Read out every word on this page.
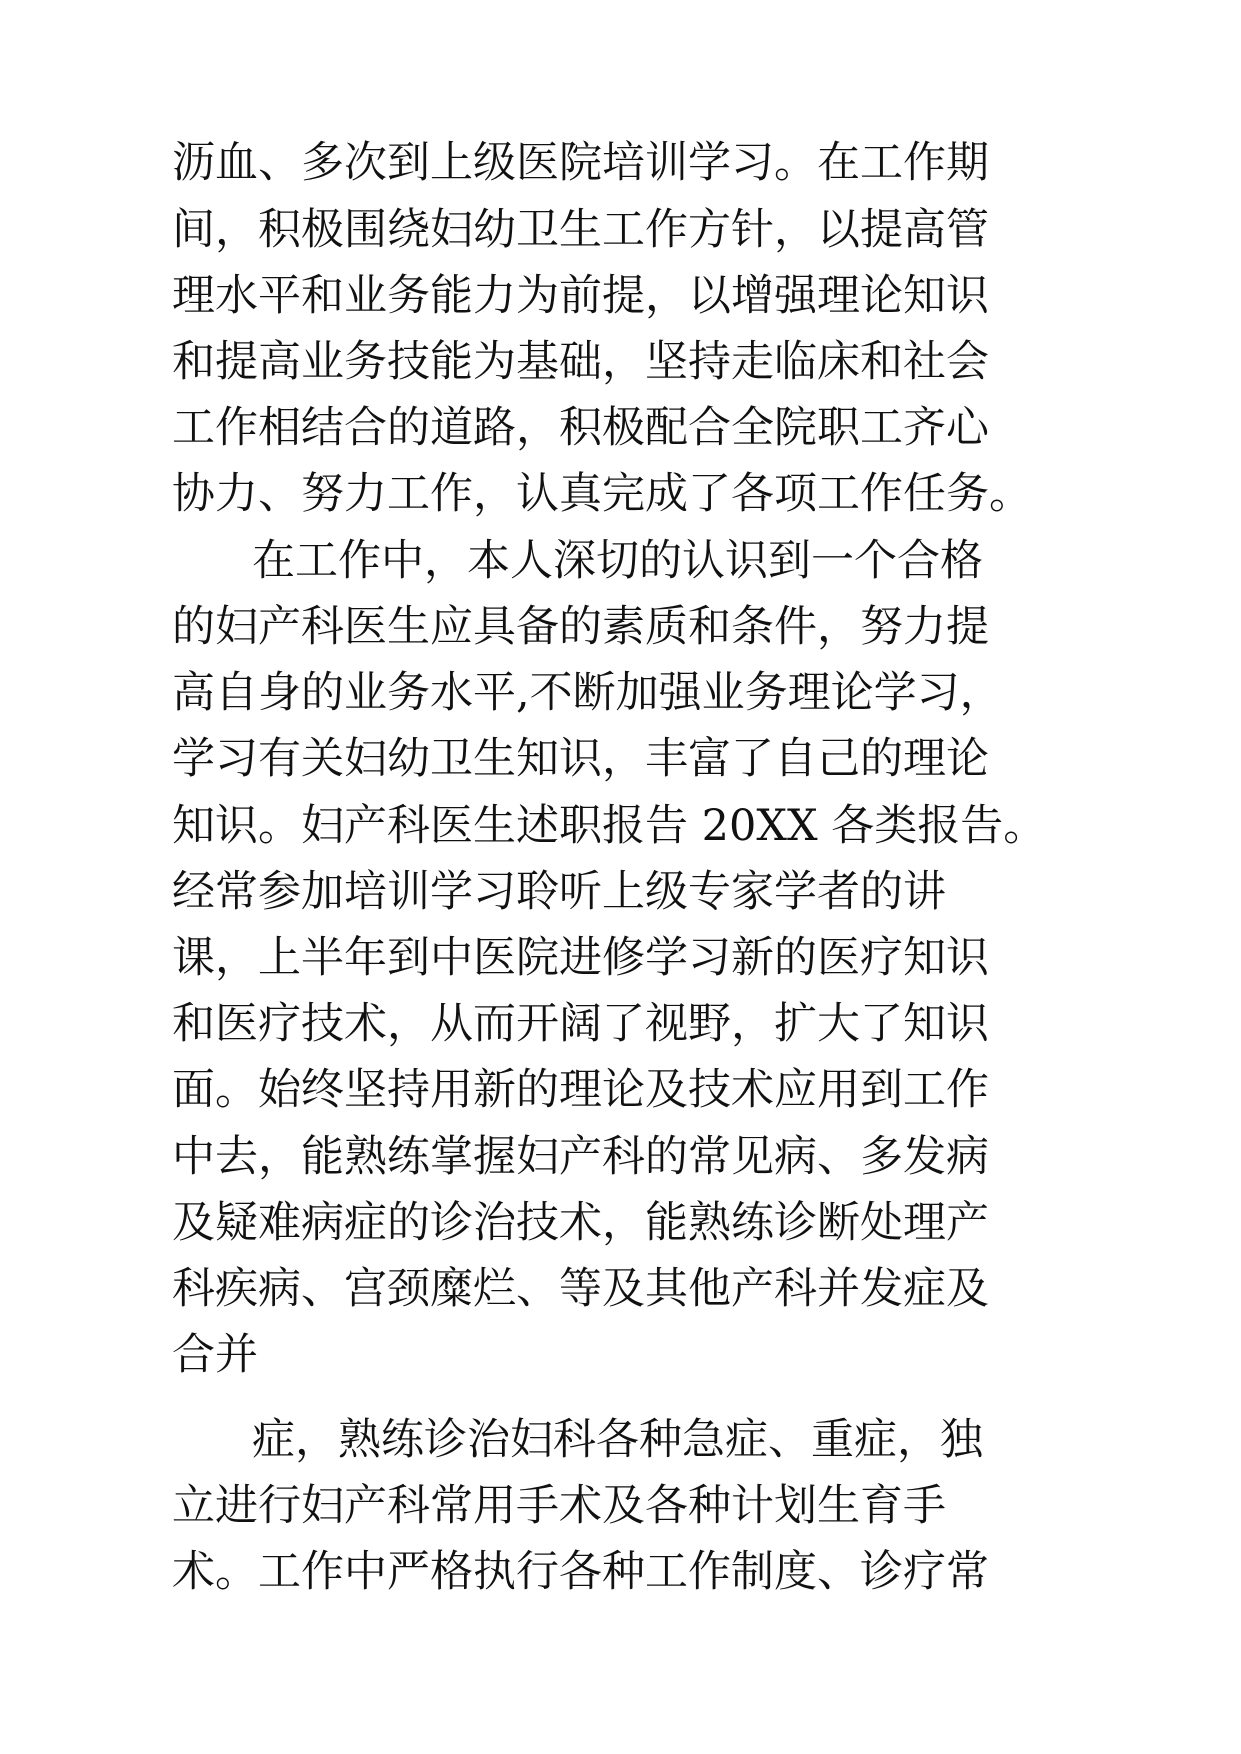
沥血、多次到上级医院培训学习。在工作期
间，积极围绕妇幼卫生工作方针，以提高管
理水平和业务能力为前提，以增强理论知识
和提高业务技能为基础，坚持走临床和社会
工作相结合的道路，积极配合全院职工齐心
协力、努力工作，认真完成了各项工作任务。
在工作中，本人深切的认识到一个合格
的妇产科医生应具备的素质和条件，努力提
高自身的业务水平,不断加强业务理论学习，
学习有关妇幼卫生知识，丰富了自己的理论
知识。妇产科医生述职报告 20XX 各类报告。
经常参加培训学习聆听上级专家学者的讲
课，上半年到中医院进修学习新的医疗知识
和医疗技术，从而开阔了视野，扩大了知识
面。始终坚持用新的理论及技术应用到工作
中去，能熟练掌握妇产科的常见病、多发病
及疑难病症的诊治技术，能熟练诊断处理产
科疾病、宫颈糜烂、等及其他产科并发症及
合并
症，熟练诊治妇科各种急症、重症，独
立进行妇产科常用手术及各种计划生育手
术。工作中严格执行各种工作制度、诊疗常
